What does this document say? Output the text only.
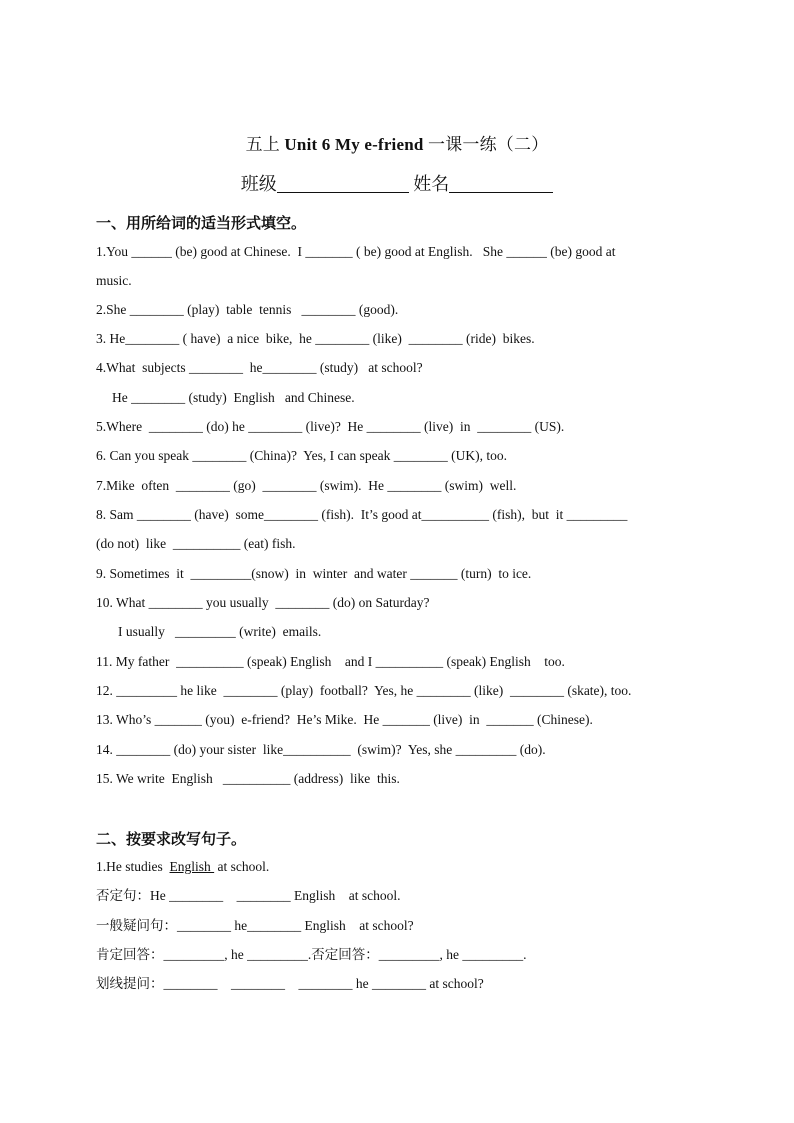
五上 Unit 6 My e-friend 一课一练（二）
班级	姓名
一、用所给词的适当形式填空。
1.You ______ (be) good at Chinese.  I _______ ( be) good at English.   She ______ (be) good at
music.
2.She ________ (play)  table  tennis   ________ (good).
3. He________ ( have)  a nice  bike,  he ________ (like)  ________ (ride)  bikes.
4.What  subjects ________  he________ (study)   at school?
He ________ (study)  English   and Chinese.
5.Where  ________ (do) he ________ (live)?  He ________ (live)  in  ________ (US).
6. Can you speak ________ (China)?  Yes, I can speak ________ (UK), too.
7.Mike  often  ________ (go)  ________ (swim).  He ________ (swim)  well.
8. Sam ________ (have)  some________ (fish).  It’s good at__________ (fish),  but  it _________
(do not)  like  __________ (eat) fish.
9. Sometimes  it  _________(snow)  in  winter  and water _______ (turn)  to ice.
10. What ________ you usually  ________ (do) on Saturday?
I usually   _________ (write)  emails.
11. My father  __________ (speak) English    and I __________ (speak) English    too.
12. _________ he like  ________ (play)  football?  Yes, he ________ (like)  ________ (skate), too.
13. Who’s _______ (you)  e-friend?  He’s Mike.  He _______ (live)  in  _______ (Chinese).
14. ________ (do) your sister  like__________  (swim)?  Yes, she _________ (do).
15. We write  English   __________ (address)  like  this.
二、按要求改写句子。
1.He studies  English  at school.
否定句：He ________    ________ English    at school.
一般疑问句：________ he________ English    at school?
肯定回答：_________, he _________.否定回答：_________, he _________.
划线提问：________    ________    ________ he ________ at school?
